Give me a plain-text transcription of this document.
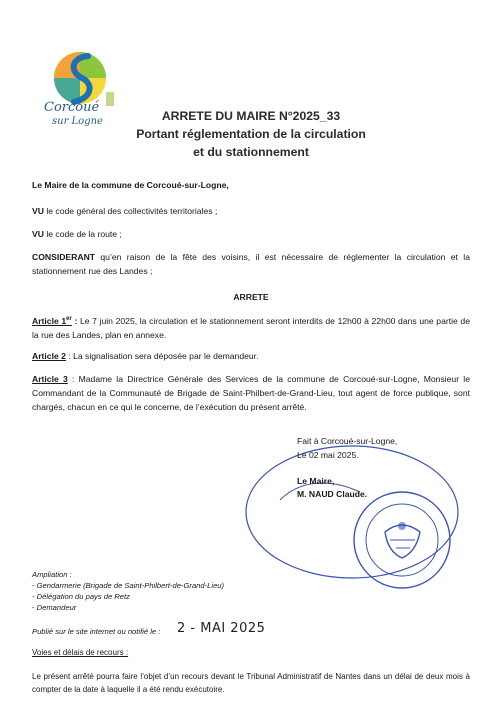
Corcoué
sur Logne	ARRETE DU MAIRE N°2025_33
Portant réglementation de la circulation
et du stationnement

Le Maire de la commune de Corcoué-sur-Logne,

VU le code général des collectivités territoriales ;

VU le code de la route ;

CONSIDERANT qu’en raison de la fête des voisins, il est nécessaire de réglementer la circulation et la stationnement rue des Landes ;

ARRETE

Article 1er : Le 7 juin 2025, la circulation et le stationnement seront interdits de 12h00 à 22h00 dans une partie de la rue des Landes, plan en annexe.

Article 2 : La signalisation sera déposée par le demandeur.

Article 3 : Madame la Directrice Générale des Services de la commune de Corcoué-sur-Logne, Monsieur le Commandant de la Communauté de Brigade de Saint-Philbert-de-Grand-Lieu, tout agent de force publique, sont chargés, chacun en ce qui le concerne, de l’exécution du présent arrêté.

Fait à Corcoué-sur-Logne,

Le 02 mai 2025.

Le Maire,

M. NAUD Claude.

Ampliation :
- Gendarmerie (Brigade de Saint-Philbert-de-Grand-Lieu)
- Délégation du pays de Retz
- Demandeur
Publié sur le site internet ou notifié le : 2 - MAI 2025

Voies et délais de recours :

Le présent arrêté pourra faire l’objet d’un recours devant le Tribunal Administratif de Nantes dans un délai de deux mois à compter de la date à laquelle il a été rendu exécutoire.
